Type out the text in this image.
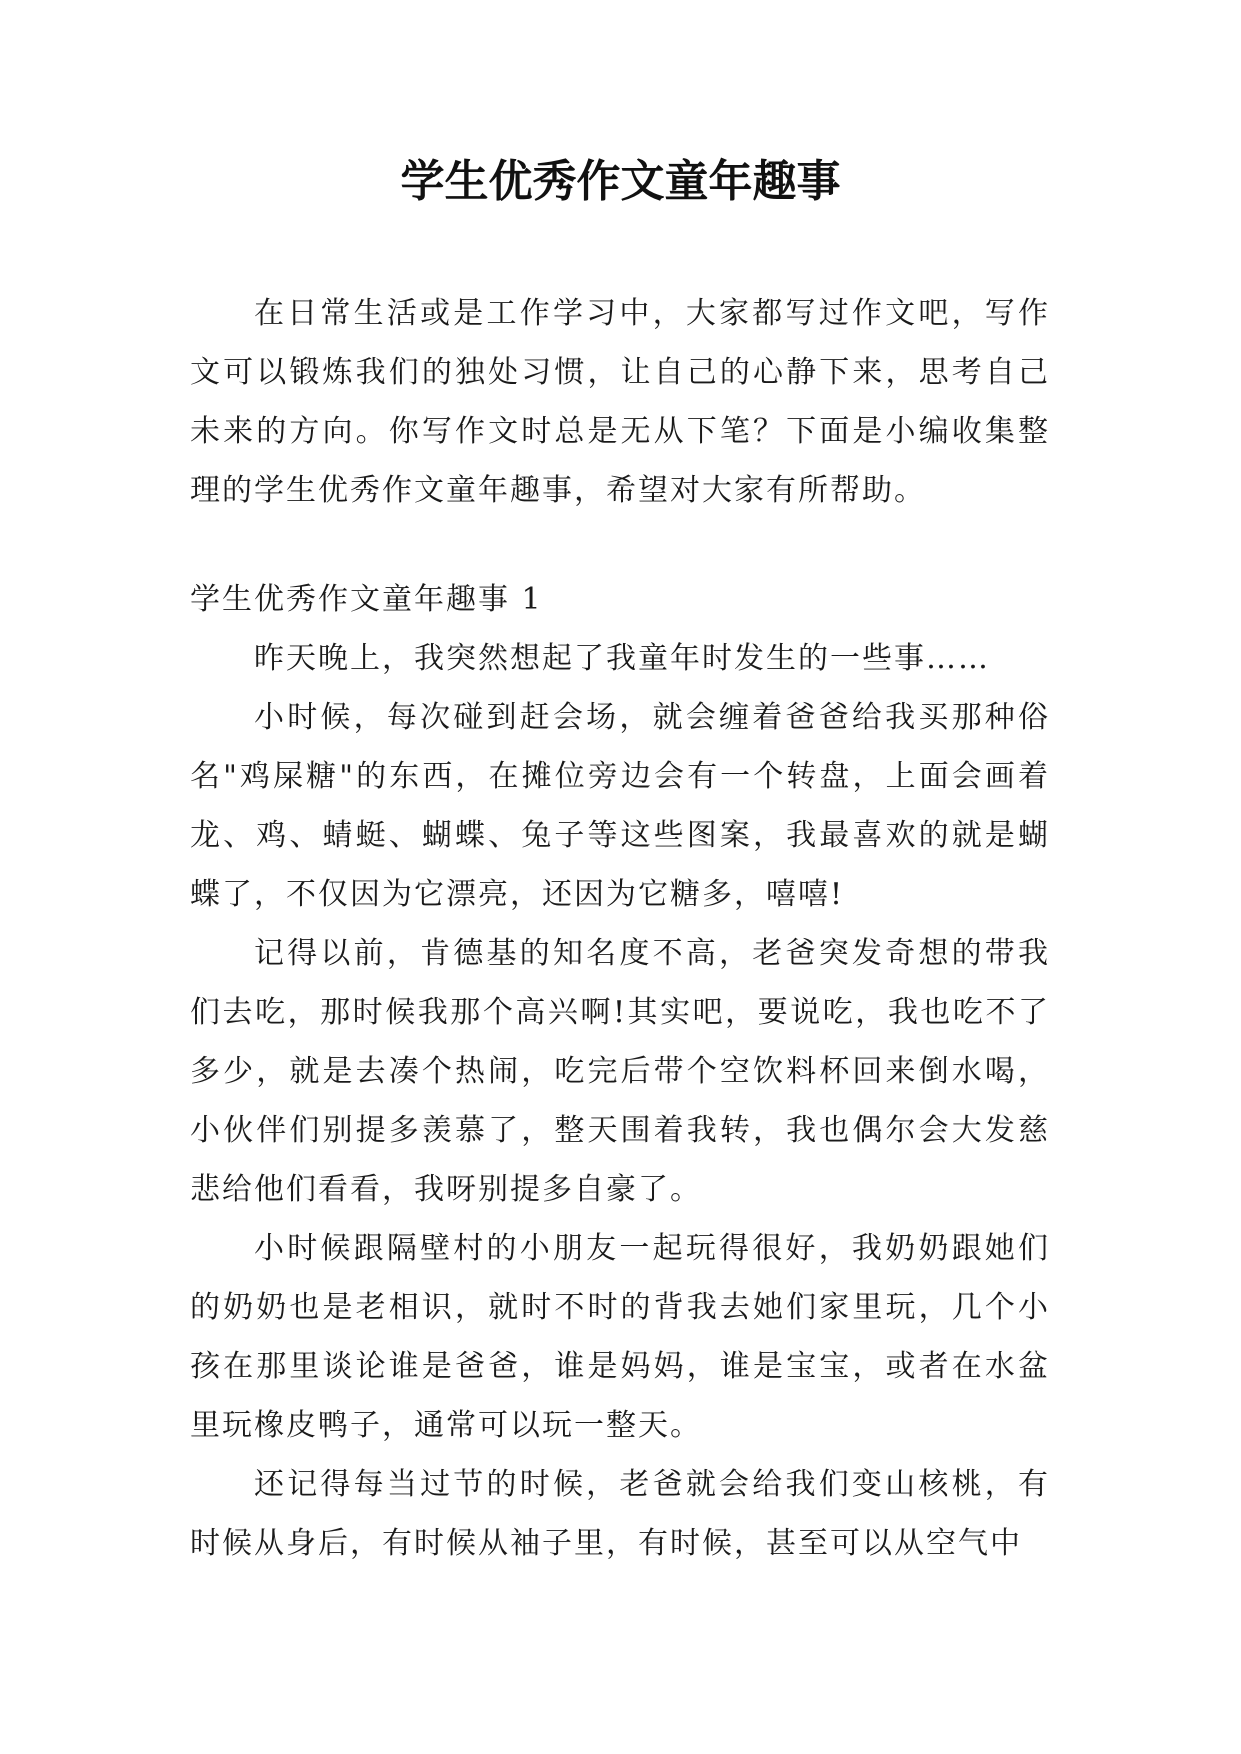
学生优秀作文童年趣事

在日常生活或是工作学习中，大家都写过作文吧，写作文可以锻炼我们的独处习惯，让自己的心静下来，思考自己未来的方向。你写作文时总是无从下笔？下面是小编收集整理的学生优秀作文童年趣事，希望对大家有所帮助。

学生优秀作文童年趣事 1

昨天晚上，我突然想起了我童年时发生的一些事……

小时候，每次碰到赶会场，就会缠着爸爸给我买那种俗名"鸡屎糖"的东西，在摊位旁边会有一个转盘，上面会画着龙、鸡、蜻蜓、蝴蝶、兔子等这些图案，我最喜欢的就是蝴蝶了，不仅因为它漂亮，还因为它糖多，嘻嘻!

记得以前，肯德基的知名度不高，老爸突发奇想的带我们去吃，那时候我那个高兴啊!其实吧，要说吃，我也吃不了多少，就是去凑个热闹，吃完后带个空饮料杯回来倒水喝，小伙伴们别提多羡慕了，整天围着我转，我也偶尔会大发慈悲给他们看看，我呀别提多自豪了。

小时候跟隔壁村的小朋友一起玩得很好，我奶奶跟她们的奶奶也是老相识，就时不时的背我去她们家里玩，几个小孩在那里谈论谁是爸爸，谁是妈妈，谁是宝宝，或者在水盆里玩橡皮鸭子，通常可以玩一整天。

还记得每当过节的时候，老爸就会给我们变山核桃，有时候从身后，有时候从袖子里，有时候，甚至可以从空气中
